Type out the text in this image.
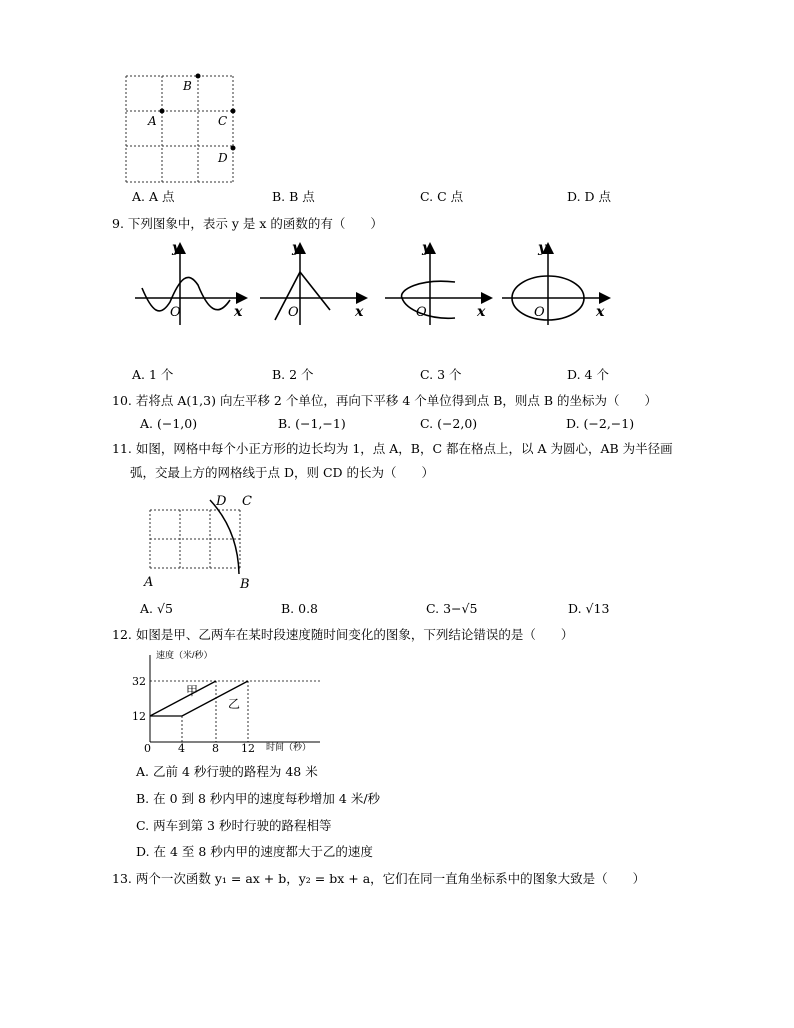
B
A	C
D
A. A 点	B. B 点	C. C 点	D. D 点
9. 下列图象中，表示 y 是 x 的函数的有（　　）
y
O	x
y
O	x
y
O	x
y
O	x
A. 1 个	B. 2 个	C. 3 个	D. 4 个
10. 若将点 A(1,3) 向左平移 2 个单位，再向下平移 4 个单位得到点 B，则点 B 的坐标为（　　）
A. (−1,0)	B. (−1,−1)	C. (−2,0)	D. (−2,−1)
11. 如图，网格中每个小正方形的边长均为 1，点 A，B，C 都在格点上，以 A 为圆心，AB 为半径画
弧，交最上方的网格线于点 D，则 CD 的长为（　　）
D C
A	B
A. √5	B. 0.8	C. 3−√5	D. √13
12. 如图是甲、乙两车在某时段速度随时间变化的图象，下列结论错误的是（　　）
速度（米/秒）
时间（秒）
32
12
0 4 8 12
甲
乙
A. 乙前 4 秒行驶的路程为 48 米
B. 在 0 到 8 秒内甲的速度每秒增加 4 米/秒
C. 两车到第 3 秒时行驶的路程相等
D. 在 4 至 8 秒内甲的速度都大于乙的速度
13. 两个一次函数 y₁ = ax + b，y₂ = bx + a，它们在同一直角坐标系中的图象大致是（　　）
